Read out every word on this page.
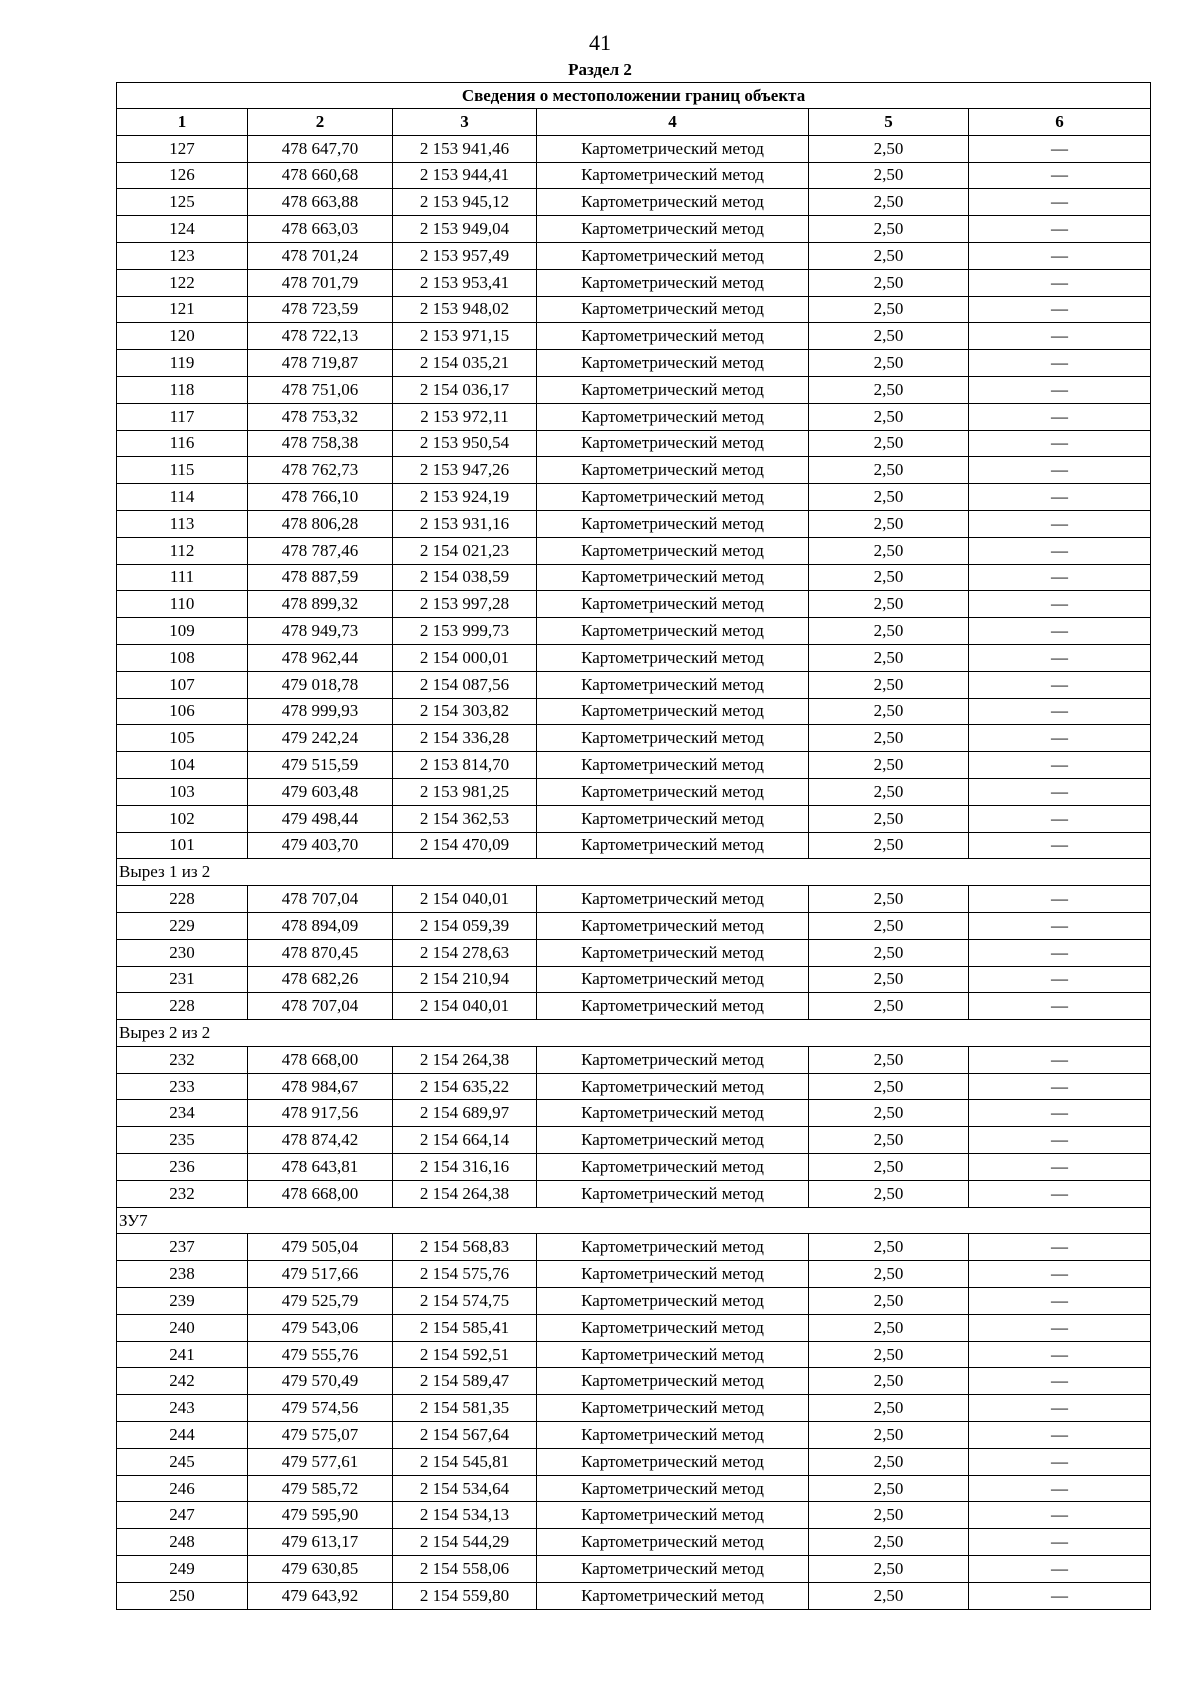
41
Раздел 2
Сведения о местоположении границ объекта					
1	2	3	4	5	6
127	478 647,70	2 153 941,46	Картометрический метод	2,50	—
126	478 660,68	2 153 944,41	Картометрический метод	2,50	—
125	478 663,88	2 153 945,12	Картометрический метод	2,50	—
124	478 663,03	2 153 949,04	Картометрический метод	2,50	—
123	478 701,24	2 153 957,49	Картометрический метод	2,50	—
122	478 701,79	2 153 953,41	Картометрический метод	2,50	—
121	478 723,59	2 153 948,02	Картометрический метод	2,50	—
120	478 722,13	2 153 971,15	Картометрический метод	2,50	—
119	478 719,87	2 154 035,21	Картометрический метод	2,50	—
118	478 751,06	2 154 036,17	Картометрический метод	2,50	—
117	478 753,32	2 153 972,11	Картометрический метод	2,50	—
116	478 758,38	2 153 950,54	Картометрический метод	2,50	—
115	478 762,73	2 153 947,26	Картометрический метод	2,50	—
114	478 766,10	2 153 924,19	Картометрический метод	2,50	—
113	478 806,28	2 153 931,16	Картометрический метод	2,50	—
112	478 787,46	2 154 021,23	Картометрический метод	2,50	—
111	478 887,59	2 154 038,59	Картометрический метод	2,50	—
110	478 899,32	2 153 997,28	Картометрический метод	2,50	—
109	478 949,73	2 153 999,73	Картометрический метод	2,50	—
108	478 962,44	2 154 000,01	Картометрический метод	2,50	—
107	479 018,78	2 154 087,56	Картометрический метод	2,50	—
106	478 999,93	2 154 303,82	Картометрический метод	2,50	—
105	479 242,24	2 154 336,28	Картометрический метод	2,50	—
104	479 515,59	2 153 814,70	Картометрический метод	2,50	—
103	479 603,48	2 153 981,25	Картометрический метод	2,50	—
102	479 498,44	2 154 362,53	Картометрический метод	2,50	—
101	479 403,70	2 154 470,09	Картометрический метод	2,50	—
Вырез 1 из 2					
228	478 707,04	2 154 040,01	Картометрический метод	2,50	—
229	478 894,09	2 154 059,39	Картометрический метод	2,50	—
230	478 870,45	2 154 278,63	Картометрический метод	2,50	—
231	478 682,26	2 154 210,94	Картометрический метод	2,50	—
228	478 707,04	2 154 040,01	Картометрический метод	2,50	—
Вырез 2 из 2					
232	478 668,00	2 154 264,38	Картометрический метод	2,50	—
233	478 984,67	2 154 635,22	Картометрический метод	2,50	—
234	478 917,56	2 154 689,97	Картометрический метод	2,50	—
235	478 874,42	2 154 664,14	Картометрический метод	2,50	—
236	478 643,81	2 154 316,16	Картометрический метод	2,50	—
232	478 668,00	2 154 264,38	Картометрический метод	2,50	—
ЗУ7					
237	479 505,04	2 154 568,83	Картометрический метод	2,50	—
238	479 517,66	2 154 575,76	Картометрический метод	2,50	—
239	479 525,79	2 154 574,75	Картометрический метод	2,50	—
240	479 543,06	2 154 585,41	Картометрический метод	2,50	—
241	479 555,76	2 154 592,51	Картометрический метод	2,50	—
242	479 570,49	2 154 589,47	Картометрический метод	2,50	—
243	479 574,56	2 154 581,35	Картометрический метод	2,50	—
244	479 575,07	2 154 567,64	Картометрический метод	2,50	—
245	479 577,61	2 154 545,81	Картометрический метод	2,50	—
246	479 585,72	2 154 534,64	Картометрический метод	2,50	—
247	479 595,90	2 154 534,13	Картометрический метод	2,50	—
248	479 613,17	2 154 544,29	Картометрический метод	2,50	—
249	479 630,85	2 154 558,06	Картометрический метод	2,50	—
250	479 643,92	2 154 559,80	Картометрический метод	2,50	—
